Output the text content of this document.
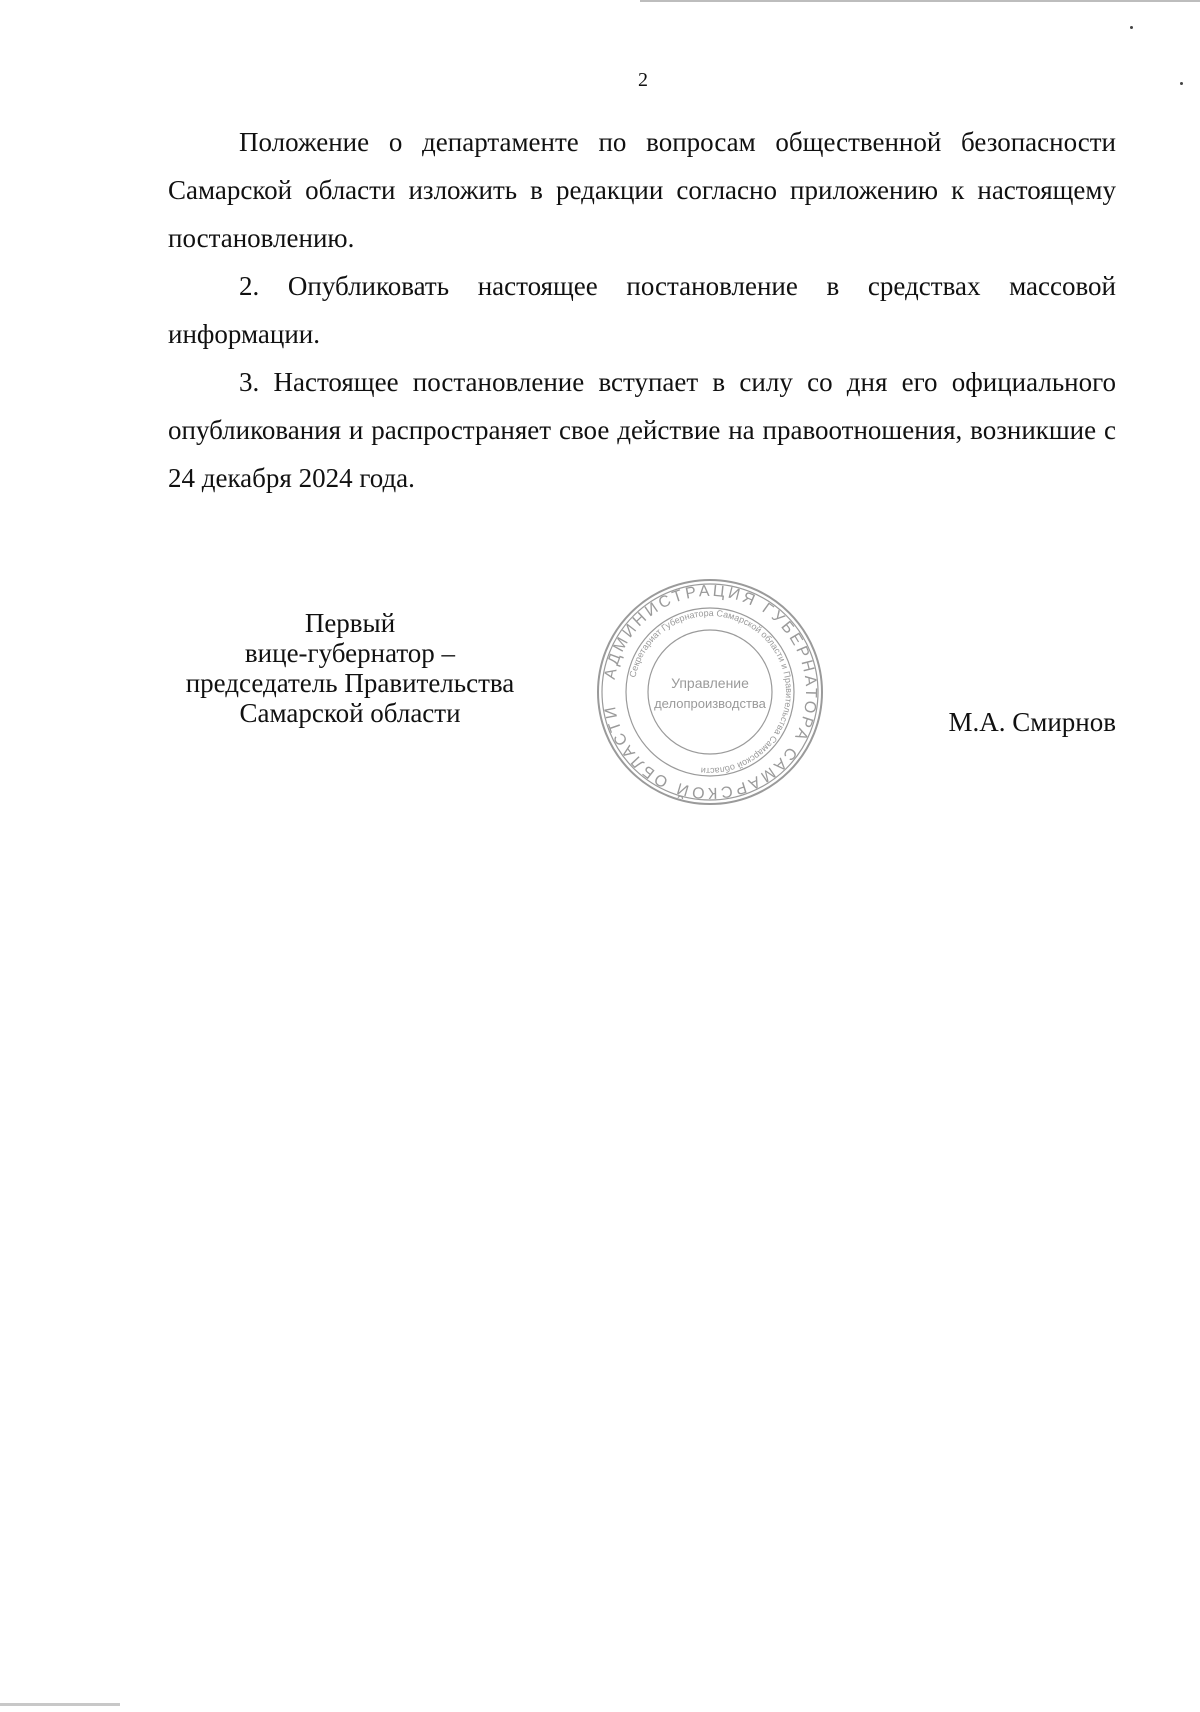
2

Положение о департаменте по вопросам общественной безопасности Самарской области изложить в редакции согласно приложению к настоящему постановлению.

2. Опубликовать настоящее постановление в средствах массовой информации.

3. Настоящее постановление вступает в силу со дня его официального опубликования и распространяет свое действие на правоотношения, возникшие с 24 декабря 2024 года.

Первый
вице-губернатор –
председатель Правительства
Самарской области
АДМИНИСТРАЦИЯ ГУБЕРНАТОРА САМАРСКОЙ ОБЛАСТИ
Секретариат Губернатора Самарской области и Правительства Самарской области
Управление
делопроизводства
М.А. Смирнов
